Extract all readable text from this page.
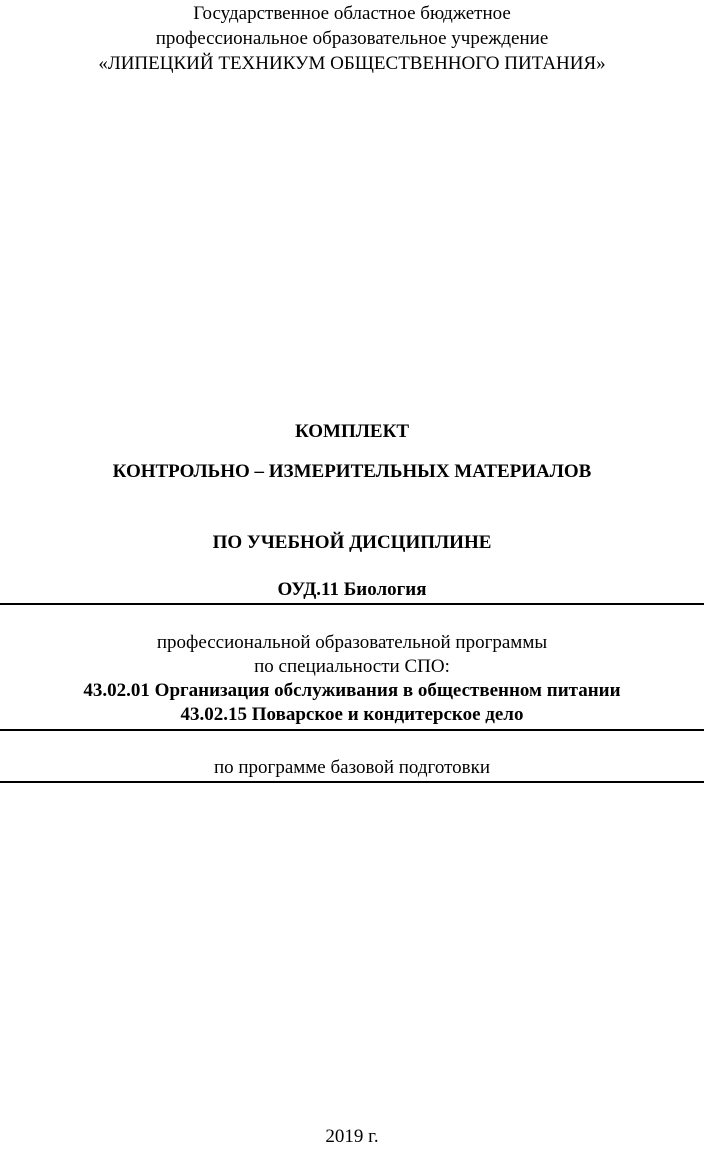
Государственное областное бюджетное
профессиональное образовательное учреждение
«ЛИПЕЦКИЙ ТЕХНИКУМ ОБЩЕСТВЕННОГО ПИТАНИЯ»
КОМПЛЕКТ
КОНТРОЛЬНО – ИЗМЕРИТЕЛЬНЫХ МАТЕРИАЛОВ
ПО УЧЕБНОЙ ДИСЦИПЛИНЕ
ОУД.11 Биология
профессиональной образовательной программы
по специальности СПО:
43.02.01 Организация обслуживания в общественном питании
43.02.15 Поварское и кондитерское дело
по программе базовой подготовки
2019 г.
